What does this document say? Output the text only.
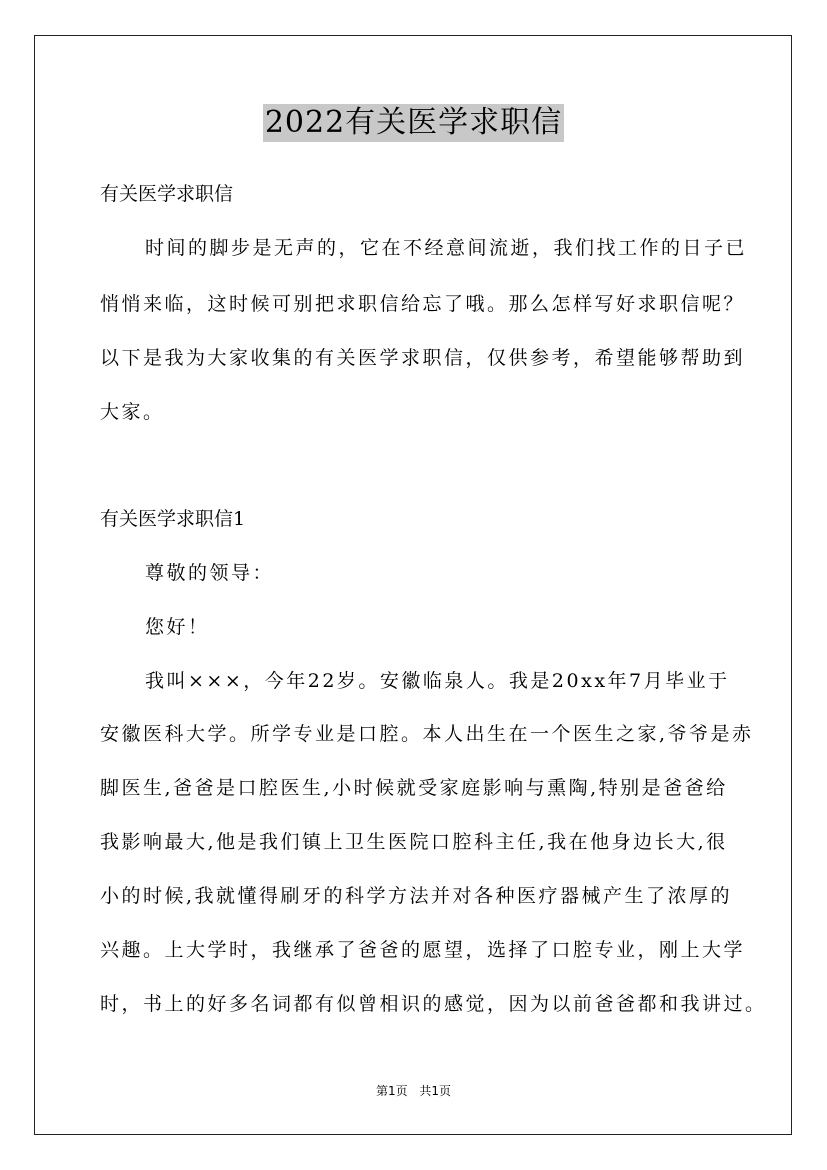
2022有关医学求职信
有关医学求职信
时间的脚步是无声的，它在不经意间流逝，我们找工作的日子已
悄悄来临，这时候可别把求职信给忘了哦。那么怎样写好求职信呢？
以下是我为大家收集的有关医学求职信，仅供参考，希望能够帮助到
大家。
有关医学求职信1
尊敬的领导：
您好！
我叫×××，今年22岁。安徽临泉人。我是20xx年7月毕业于
安徽医科大学。所学专业是口腔。本人出生在一个医生之家,爷爷是赤
脚医生,爸爸是口腔医生,小时候就受家庭影响与熏陶,特别是爸爸给
我影响最大,他是我们镇上卫生医院口腔科主任,我在他身边长大,很
小的时候,我就懂得刷牙的科学方法并对各种医疗器械产生了浓厚的
兴趣。上大学时，我继承了爸爸的愿望，选择了口腔专业，刚上大学
时，书上的好多名词都有似曾相识的感觉，因为以前爸爸都和我讲过。
第1页 共1页
